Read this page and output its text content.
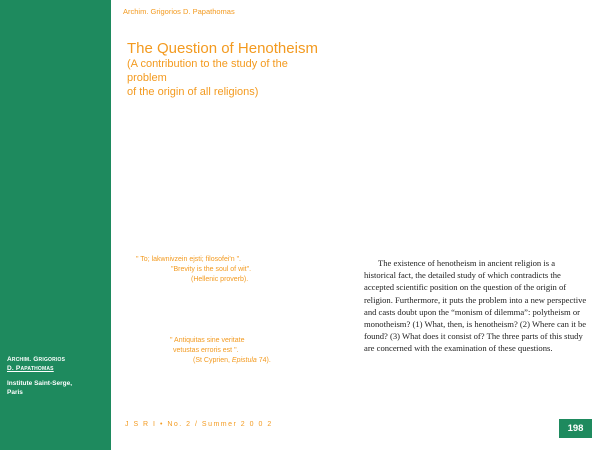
Archim. Grigorios
D. Papathomas
Institute Saint-Serge,
Paris
Archim. Grigorios D. Papathomas
The Question of Henotheism
(A contribution to the study of the
problem
of the origin of all religions)
" To; lakwnivzein ejsti; filosofei'n ".
"Brevity is the soul of wit".
(Hellenic proverb).
" Antiquitas sine veritate
vetustas erroris est ".
(St Cyprien, Epistula 74).
The existence of henotheism in ancient religion is a historical fact, the detailed study of which contradicts the accepted scientific position on the question of the origin of religion. Furthermore, it puts the problem into a new perspective and casts doubt upon the “monism of dilemma”: polytheism or monotheism? (1) What, then, is henotheism? (2) Where can it be found? (3) What does it consist of? The three parts of this study are concerned with the examination of these questions.
J S R I • No. 2 / Summer 2 0 0 2	198
